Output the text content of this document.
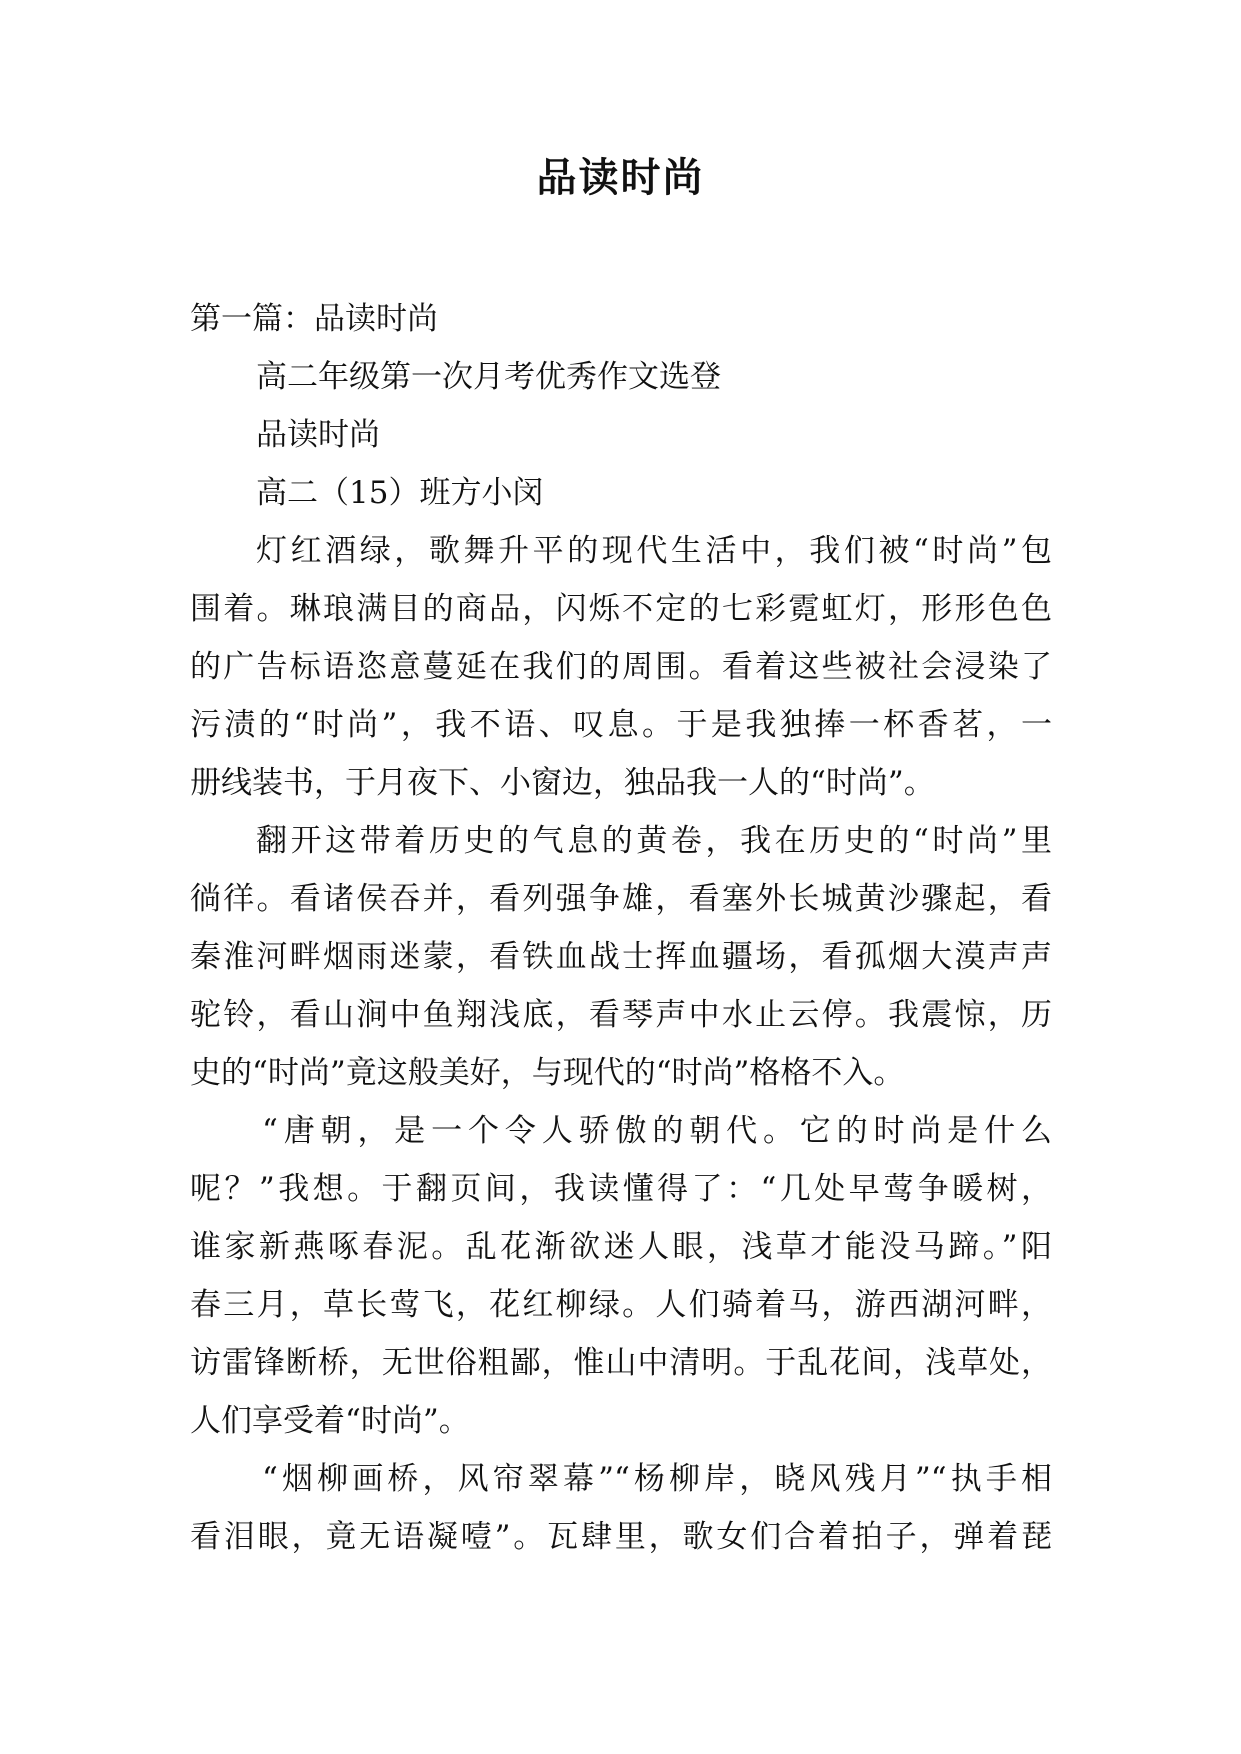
品读时尚
第一篇：品读时尚
高二年级第一次月考优秀作文选登
品读时尚
高二（15）班方小闵
灯红酒绿，歌舞升平的现代生活中，我们被“时尚”包
围着。琳琅满目的商品，闪烁不定的七彩霓虹灯，形形色色
的广告标语恣意蔓延在我们的周围。看着这些被社会浸染了
污渍的“时尚”，我不语、叹息。于是我独捧一杯香茗，一
册线装书，于月夜下、小窗边，独品我一人的“时尚”。
翻开这带着历史的气息的黄卷，我在历史的“时尚”里
徜徉。看诸侯吞并，看列强争雄，看塞外长城黄沙骤起，看
秦淮河畔烟雨迷蒙，看铁血战士挥血疆场，看孤烟大漠声声
驼铃，看山涧中鱼翔浅底，看琴声中水止云停。我震惊，历
史的“时尚”竟这般美好，与现代的“时尚”格格不入。
“唐朝，是一个令人骄傲的朝代。它的时尚是什么
呢？”我想。于翻页间，我读懂得了：“几处早莺争暖树，
谁家新燕啄春泥。乱花渐欲迷人眼，浅草才能没马蹄。”阳
春三月，草长莺飞，花红柳绿。人们骑着马，游西湖河畔，
访雷锋断桥，无世俗粗鄙，惟山中清明。于乱花间，浅草处，
人们享受着“时尚”。
“烟柳画桥，风帘翠幕”“杨柳岸，晓风残月”“执手相
看泪眼，竟无语凝噎”。瓦肆里，歌女们合着拍子，弹着琵
